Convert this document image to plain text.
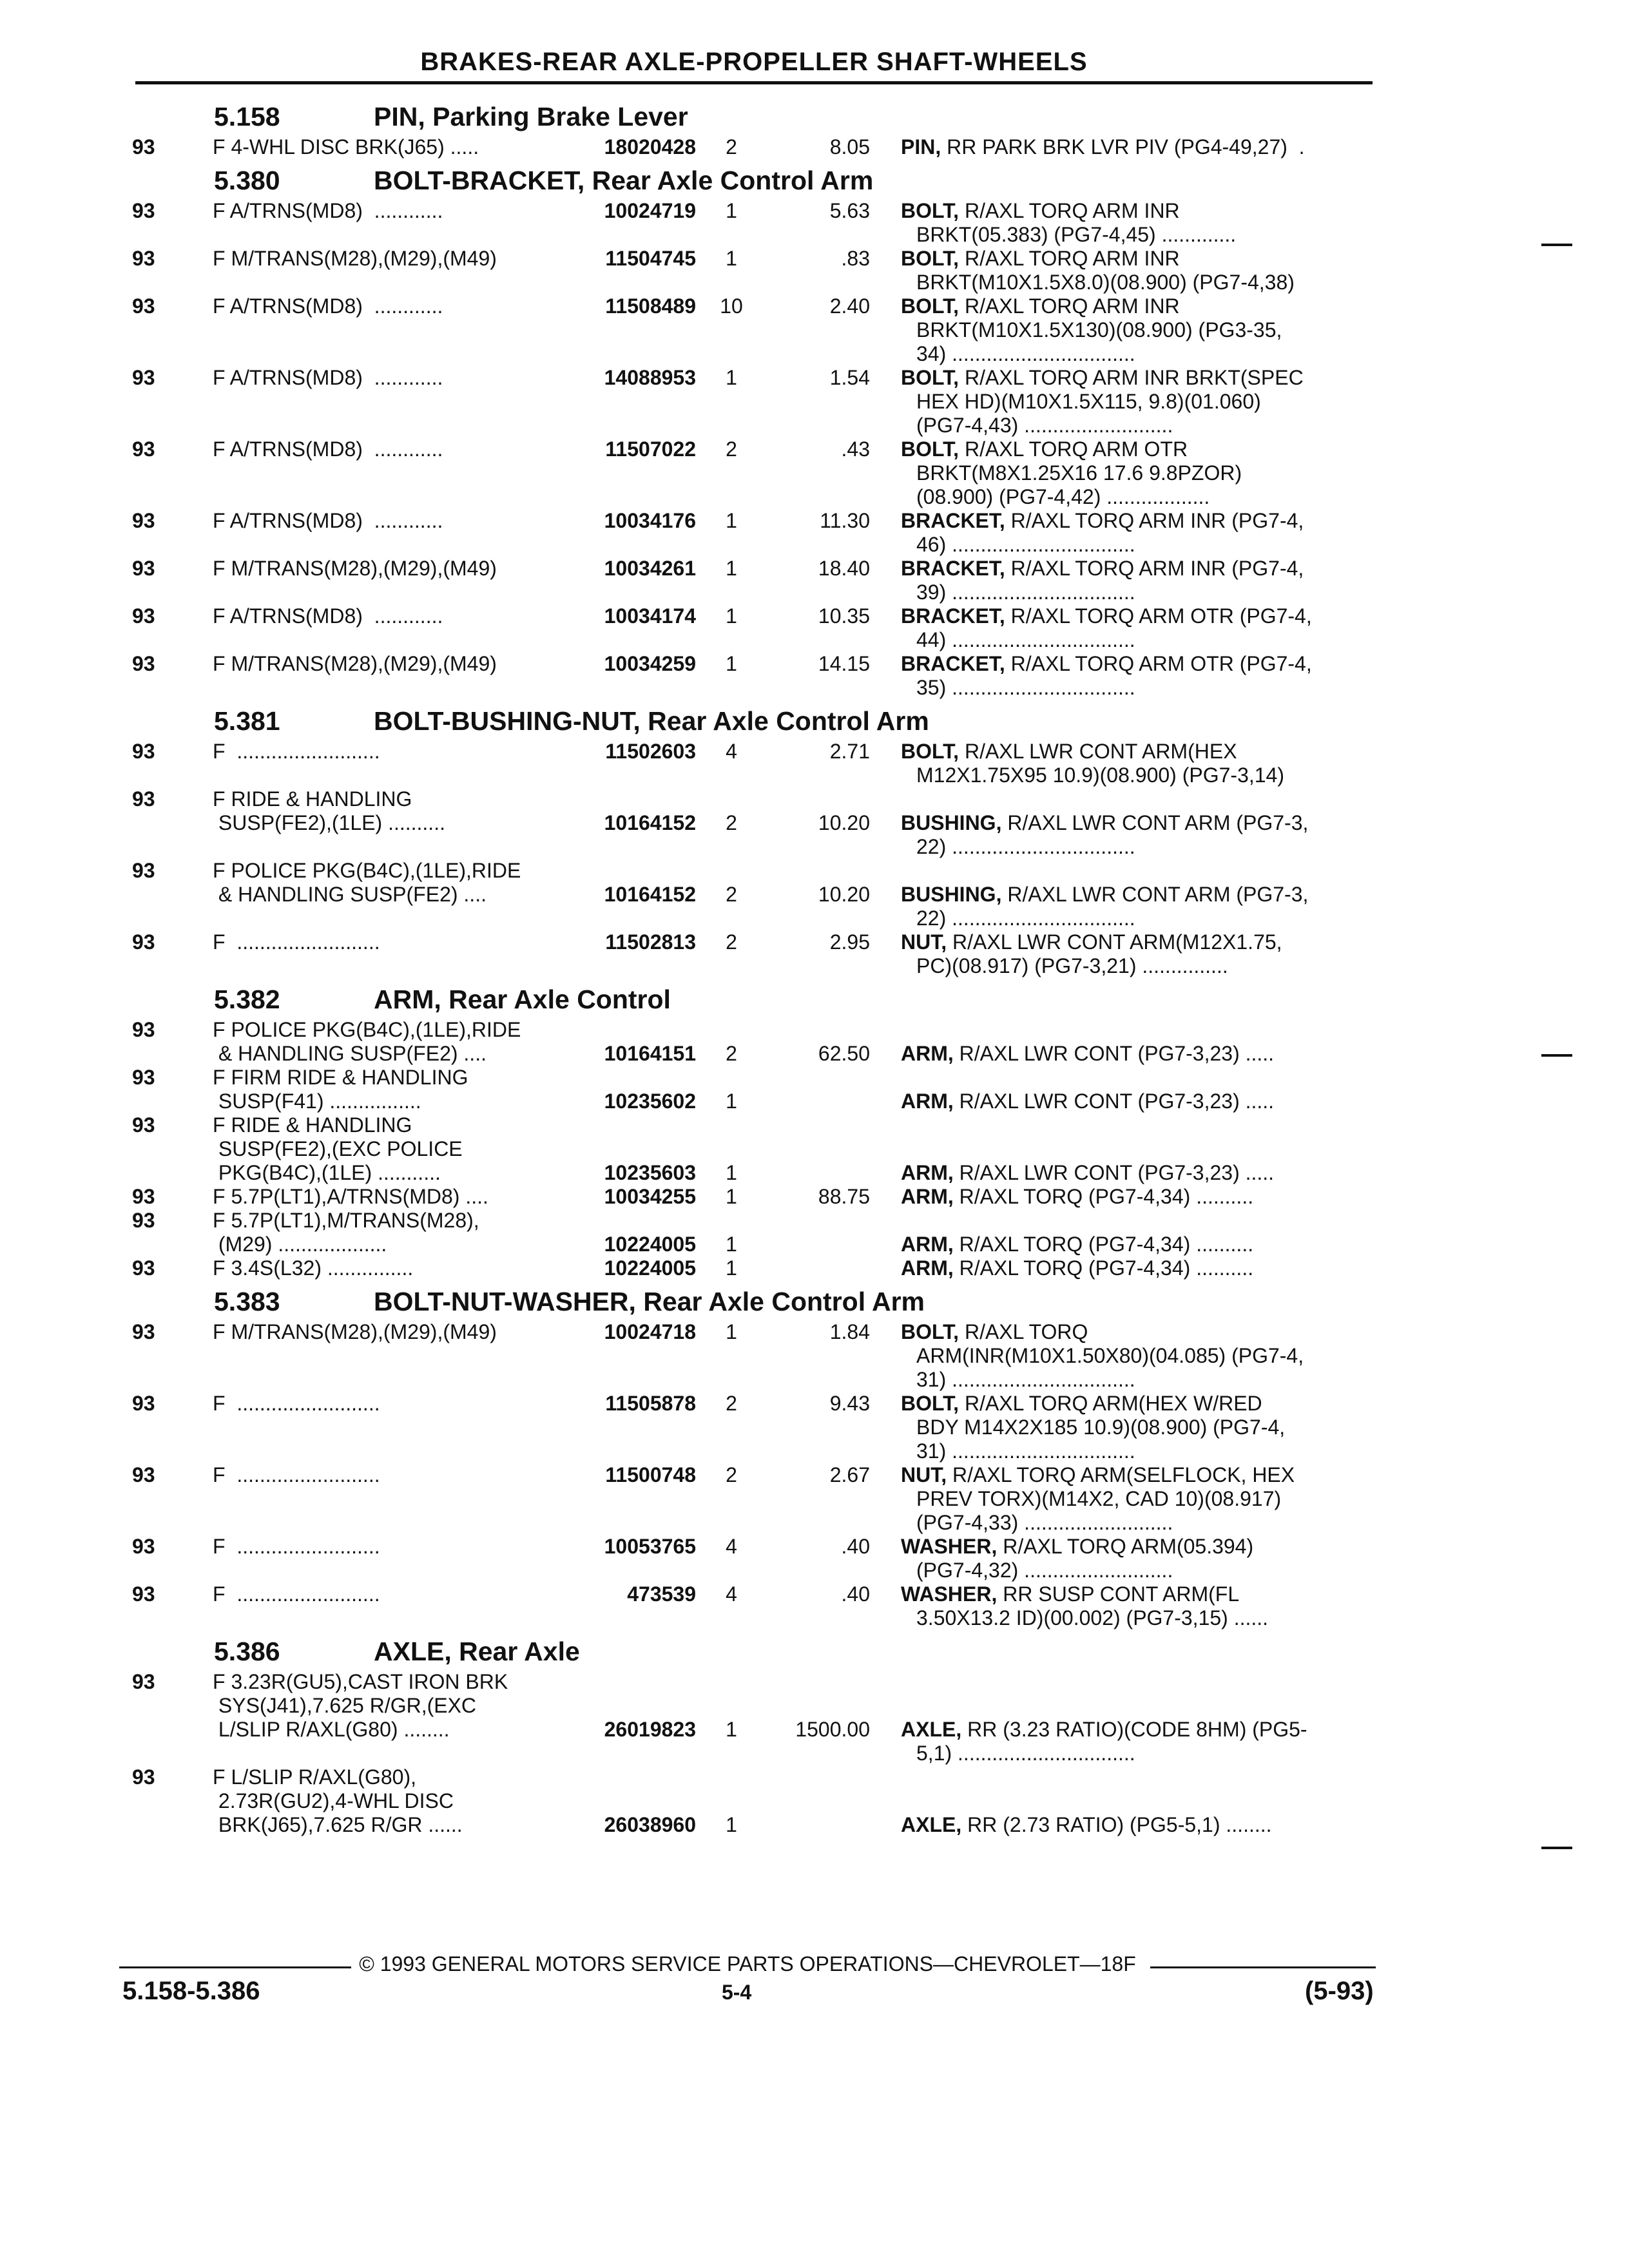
BRAKES-REAR AXLE-PROPELLER SHAFT-WHEELS
5.158	PIN, Parking Brake Lever
93	F 4-WHL DISC BRK(J65) .....	18020428	2	8.05 PIN, RR PARK BRK LVR PIV (PG4-49,27)  .
5.380	BOLT-BRACKET, Rear Axle Control Arm
93	F A/TRNS(MD8)  ............	10024719	1	5.63 BOLT, R/AXL TORQ ARM INR
BRKT(05.383) (PG7-4,45) .............
93	F M/TRANS(M28),(M29),(M49)	11504745	1	.83 BOLT, R/AXL TORQ ARM INR
BRKT(M10X1.5X8.0)(08.900) (PG7-4,38)
93	F A/TRNS(MD8)  ............	11508489	10	2.40 BOLT, R/AXL TORQ ARM INR
BRKT(M10X1.5X130)(08.900) (PG3-35,
34) ................................
93	F A/TRNS(MD8)  ............	14088953	1	1.54 BOLT, R/AXL TORQ ARM INR BRKT(SPEC
HEX HD)(M10X1.5X115, 9.8)(01.060)
(PG7-4,43) ..........................
93	F A/TRNS(MD8)  ............	11507022	2	.43 BOLT, R/AXL TORQ ARM OTR
BRKT(M8X1.25X16 17.6 9.8PZOR)
(08.900) (PG7-4,42) ..................
93	F A/TRNS(MD8)  ............	10034176	1	11.30 BRACKET, R/AXL TORQ ARM INR (PG7-4,
46) ................................
93	F M/TRANS(M28),(M29),(M49)	10034261	1	18.40 BRACKET, R/AXL TORQ ARM INR (PG7-4,
39) ................................
93	F A/TRNS(MD8)  ............	10034174	1	10.35 BRACKET, R/AXL TORQ ARM OTR (PG7-4,
44) ................................
93	F M/TRANS(M28),(M29),(M49)	10034259	1	14.15 BRACKET, R/AXL TORQ ARM OTR (PG7-4,
35) ................................
5.381	BOLT-BUSHING-NUT, Rear Axle Control Arm
93	F  .........................	11502603	4	2.71 BOLT, R/AXL LWR CONT ARM(HEX
M12X1.75X95 10.9)(08.900) (PG7-3,14)
93	F RIDE & HANDLING
SUSP(FE2),(1LE) ..........	10164152	2	10.20 BUSHING, R/AXL LWR CONT ARM (PG7-3,
22) ................................
93	F POLICE PKG(B4C),(1LE),RIDE
& HANDLING SUSP(FE2) ....	10164152	2	10.20 BUSHING, R/AXL LWR CONT ARM (PG7-3,
22) ................................
93	F  .........................	11502813	2	2.95 NUT, R/AXL LWR CONT ARM(M12X1.75,
PC)(08.917) (PG7-3,21) ...............
5.382	ARM, Rear Axle Control
93	F POLICE PKG(B4C),(1LE),RIDE
& HANDLING SUSP(FE2) ....	10164151	2	62.50 ARM, R/AXL LWR CONT (PG7-3,23) .....
93	F FIRM RIDE & HANDLING
SUSP(F41) ................	10235602	1	ARM, R/AXL LWR CONT (PG7-3,23) .....
93	F RIDE & HANDLING
SUSP(FE2),(EXC POLICE
PKG(B4C),(1LE) ...........	10235603	1	ARM, R/AXL LWR CONT (PG7-3,23) .....
93	F 5.7P(LT1),A/TRNS(MD8) ....	10034255	1	88.75 ARM, R/AXL TORQ (PG7-4,34) ..........
93	F 5.7P(LT1),M/TRANS(M28),
(M29) ...................	10224005	1	ARM, R/AXL TORQ (PG7-4,34) ..........
93	F 3.4S(L32) ...............	10224005	1	ARM, R/AXL TORQ (PG7-4,34) ..........
5.383	BOLT-NUT-WASHER, Rear Axle Control Arm
93	F M/TRANS(M28),(M29),(M49)	10024718	1	1.84 BOLT, R/AXL TORQ
ARM(INR(M10X1.50X80)(04.085) (PG7-4,
31) ................................
93	F  .........................	11505878	2	9.43 BOLT, R/AXL TORQ ARM(HEX W/RED
BDY M14X2X185 10.9)(08.900) (PG7-4,
31) ................................
93	F  .........................	11500748	2	2.67 NUT, R/AXL TORQ ARM(SELFLOCK, HEX
PREV TORX)(M14X2, CAD 10)(08.917)
(PG7-4,33) ..........................
93	F  .........................	10053765	4	.40 WASHER, R/AXL TORQ ARM(05.394)
(PG7-4,32) ..........................
93	F  .........................	473539	4	.40 WASHER, RR SUSP CONT ARM(FL
3.50X13.2 ID)(00.002) (PG7-3,15) ......
5.386	AXLE, Rear Axle
93	F 3.23R(GU5),CAST IRON BRK
SYS(J41),7.625 R/GR,(EXC
L/SLIP R/AXL(G80) ........	26019823	1	1500.00 AXLE, RR (3.23 RATIO)(CODE 8HM) (PG5-
5,1) ...............................
93	F L/SLIP R/AXL(G80),
2.73R(GU2),4-WHL DISC
BRK(J65),7.625 R/GR ......	26038960	1	AXLE, RR (2.73 RATIO) (PG5-5,1) ........
© 1993 GENERAL MOTORS SERVICE PARTS OPERATIONS—CHEVROLET—18F
5.158-5.386	5-4	(5-93)
